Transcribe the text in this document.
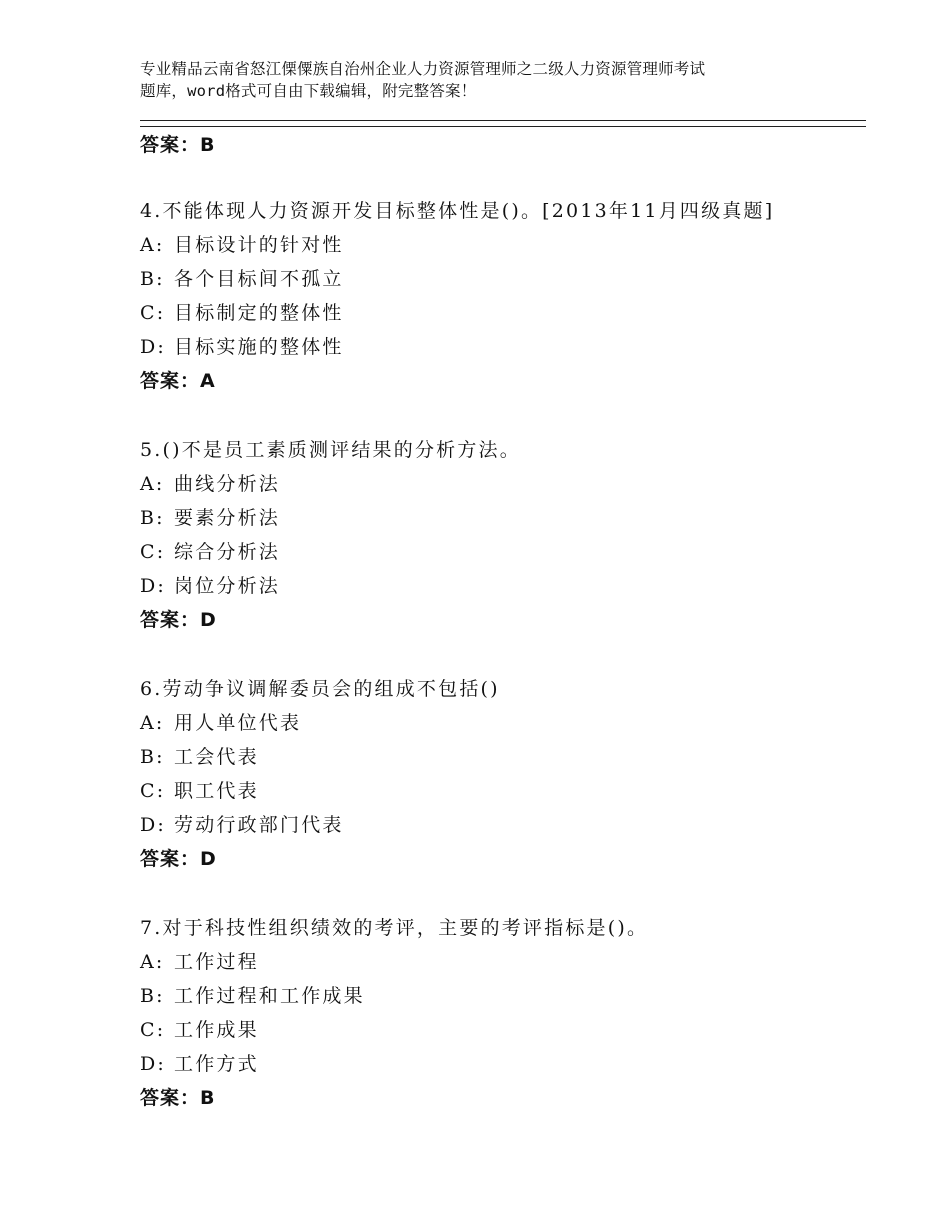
专业精品云南省怒江傈僳族自治州企业人力资源管理师之二级人力资源管理师考试
题库，word格式可自由下载编辑，附完整答案！
答案：B
4.不能体现人力资源开发目标整体性是()。[2013年11月四级真题]
A: 目标设计的针对性
B: 各个目标间不孤立
C: 目标制定的整体性
D: 目标实施的整体性
答案：A
5.()不是员工素质测评结果的分析方法。
A: 曲线分析法
B: 要素分析法
C: 综合分析法
D: 岗位分析法
答案：D
6.劳动争议调解委员会的组成不包括()
A: 用人单位代表
B: 工会代表
C: 职工代表
D: 劳动行政部门代表
答案：D
7.对于科技性组织绩效的考评，主要的考评指标是()。
A: 工作过程
B: 工作过程和工作成果
C: 工作成果
D: 工作方式
答案：B
